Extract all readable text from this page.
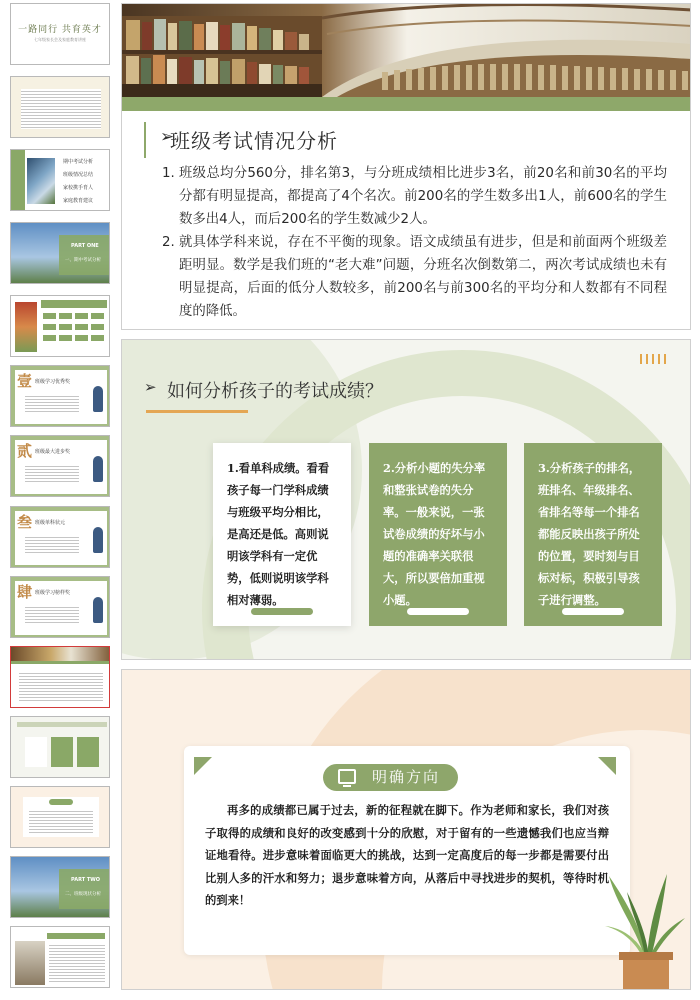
一路同行 共育英才
七年级家长会及家庭教育讲座
期中考试分析
班级情况总结
家校携手育人
家庭教育建议
PART ONE
一、期中考试分析
壹 班级学习优秀奖
贰 班级最大进步奖
叁 班级单科状元
肆 班级学习榜样奖
PART TWO
二、班级现状分析
➢
班级考试情况分析
1. 班级总均分560分，排名第3，与分班成绩相比进步3名，前20名和前30名的平均分都有明显提高，都提高了4个名次。前200名的学生数多出1人，前600名的学生数多出4人，而后200名的学生数减少2人。
2. 就具体学科来说，存在不平衡的现象。语文成绩虽有进步，但是和前面两个班级差距明显。数学是我们班的“老大难”问题，分班名次倒数第二，两次考试成绩也未有明显提高，后面的低分人数较多，前200名与前300名的平均分和人数都有不同程度的降低。
➢ 如何分析孩子的考试成绩？
1.看单科成绩。看看孩子每一门学科成绩与班级平均分相比，是高还是低。高则说明该学科有一定优势，低则说明该学科相对薄弱。
2.分析小题的失分率和整张试卷的失分率。一般来说，一张试卷成绩的好坏与小题的准确率关联很大，所以要倍加重视小题。
3.分析孩子的排名，班排名、年级排名、省排名等每一个排名都能反映出孩子所处的位置，要时刻与目标对标，积极引导孩子进行调整。
明确方向
再多的成绩都已属于过去，新的征程就在脚下。作为老师和家长，我们对孩子取得的成绩和良好的改变感到十分的欣慰，对于留有的一些遗憾我们也应当辩证地看待。进步意味着面临更大的挑战，达到一定高度后的每一步都是需要付出比别人多的汗水和努力；退步意味着方向，从落后中寻找进步的契机，等待时机的到来！
